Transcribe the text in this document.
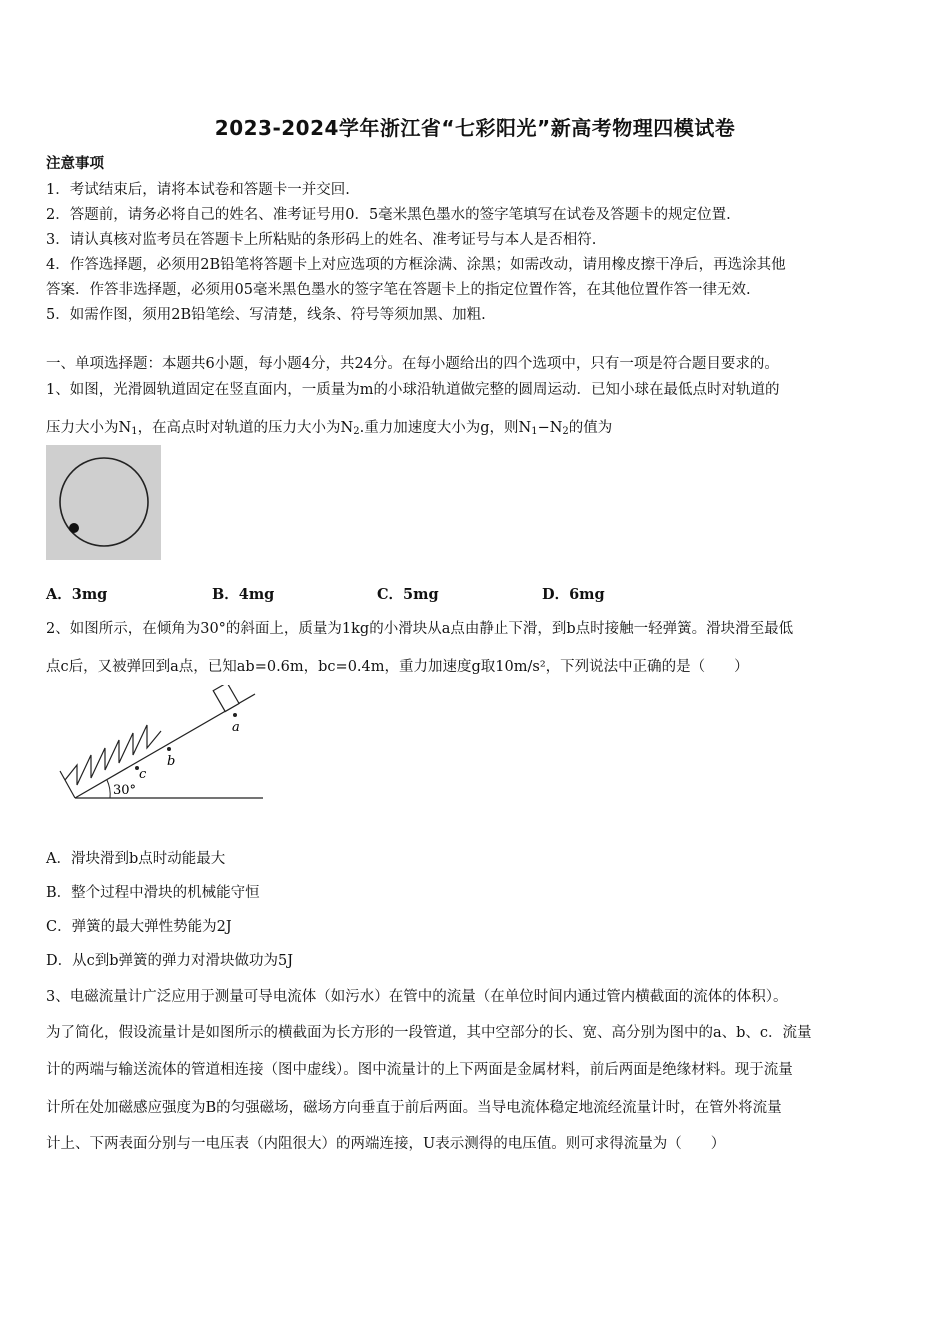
2023-2024学年浙江省“七彩阳光”新高考物理四模试卷
注意事项
1．考试结束后，请将本试卷和答题卡一并交回.
2．答题前，请务必将自己的姓名、准考证号用0．5毫米黑色墨水的签字笔填写在试卷及答题卡的规定位置.
3．请认真核对监考员在答题卡上所粘贴的条形码上的姓名、准考证号与本人是否相符.
4．作答选择题，必须用2B铅笔将答题卡上对应选项的方框涂满、涂黑；如需改动，请用橡皮擦干净后，再选涂其他
答案．作答非选择题，必须用05毫米黑色墨水的签字笔在答题卡上的指定位置作答，在其他位置作答一律无效.
5．如需作图，须用2B铅笔绘、写清楚，线条、符号等须加黑、加粗.
一、单项选择题：本题共6小题，每小题4分，共24分。在每小题给出的四个选项中，只有一项是符合题目要求的。
1、如图，光滑圆轨道固定在竖直面内，一质量为m的小球沿轨道做完整的圆周运动．已知小球在最低点时对轨道的
压力大小为$N_1$，在高点时对轨道的压力大小为$N_2$.重力加速度大小为g，则$N_1-N_2$的值为
A．3mg	B．4mg	C．5mg	D．6mg
2、如图所示，在倾角为30°的斜面上，质量为1kg的小滑块从a点由静止下滑，到b点时接触一轻弹簧。滑块滑至最低
点c后，又被弹回到a点，已知ab=0.6m，bc=0.4m，重力加速度g取10m/s²，下列说法中正确的是（　　）
30°
c
b
a
A．滑块滑到b点时动能最大
B．整个过程中滑块的机械能守恒
C．弹簧的最大弹性势能为2J
D．从c到b弹簧的弹力对滑块做功为5J
3、电磁流量计广泛应用于测量可导电流体（如污水）在管中的流量（在单位时间内通过管内横截面的流体的体积）。
为了简化，假设流量计是如图所示的横截面为长方形的一段管道，其中空部分的长、宽、高分别为图中的a、b、c．流量
计的两端与输送流体的管道相连接（图中虚线）。图中流量计的上下两面是金属材料，前后两面是绝缘材料。现于流量
计所在处加磁感应强度为B的匀强磁场，磁场方向垂直于前后两面。当导电流体稳定地流经流量计时，在管外将流量
计上、下两表面分别与一电压表（内阻很大）的两端连接，U表示测得的电压值。则可求得流量为（　　）
